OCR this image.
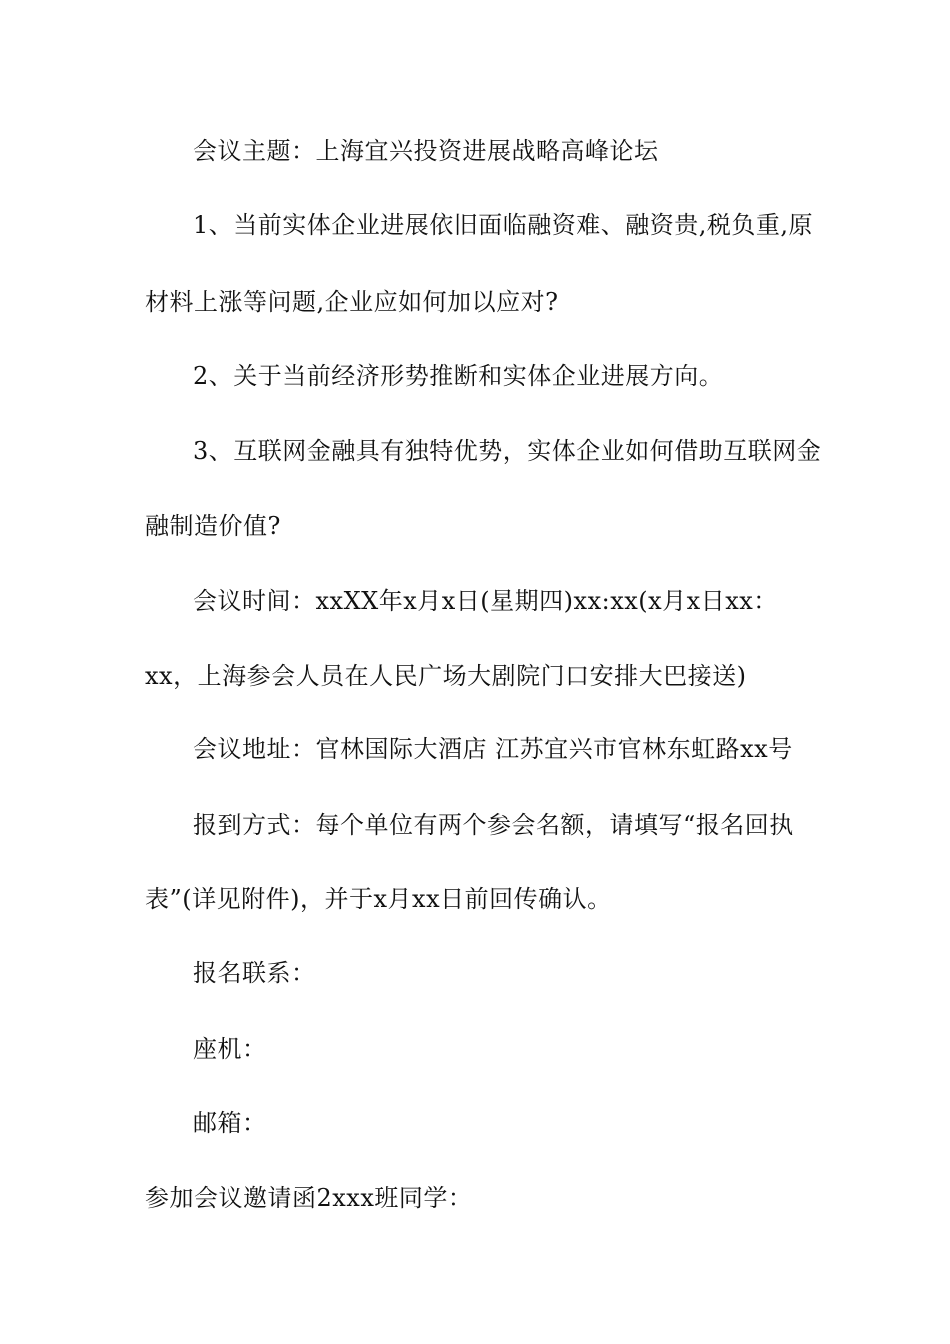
会议主题：上海宜兴投资进展战略高峰论坛
1、当前实体企业进展依旧面临融资难、融资贵,税负重,原
材料上涨等问题,企业应如何加以应对?
2、关于当前经济形势推断和实体企业进展方向。
3、互联网金融具有独特优势，实体企业如何借助互联网金
融制造价值?
会议时间：xxXX年x月x日(星期四)xx:xx(x月x日xx：
xx，上海参会人员在人民广场大剧院门口安排大巴接送)
会议地址：官林国际大酒店 江苏宜兴市官林东虹路xx号
报到方式：每个单位有两个参会名额，请填写“报名回执
表”(详见附件)，并于x月xx日前回传确认。
报名联系：
座机：
邮箱：
参加会议邀请函2xxx班同学：
